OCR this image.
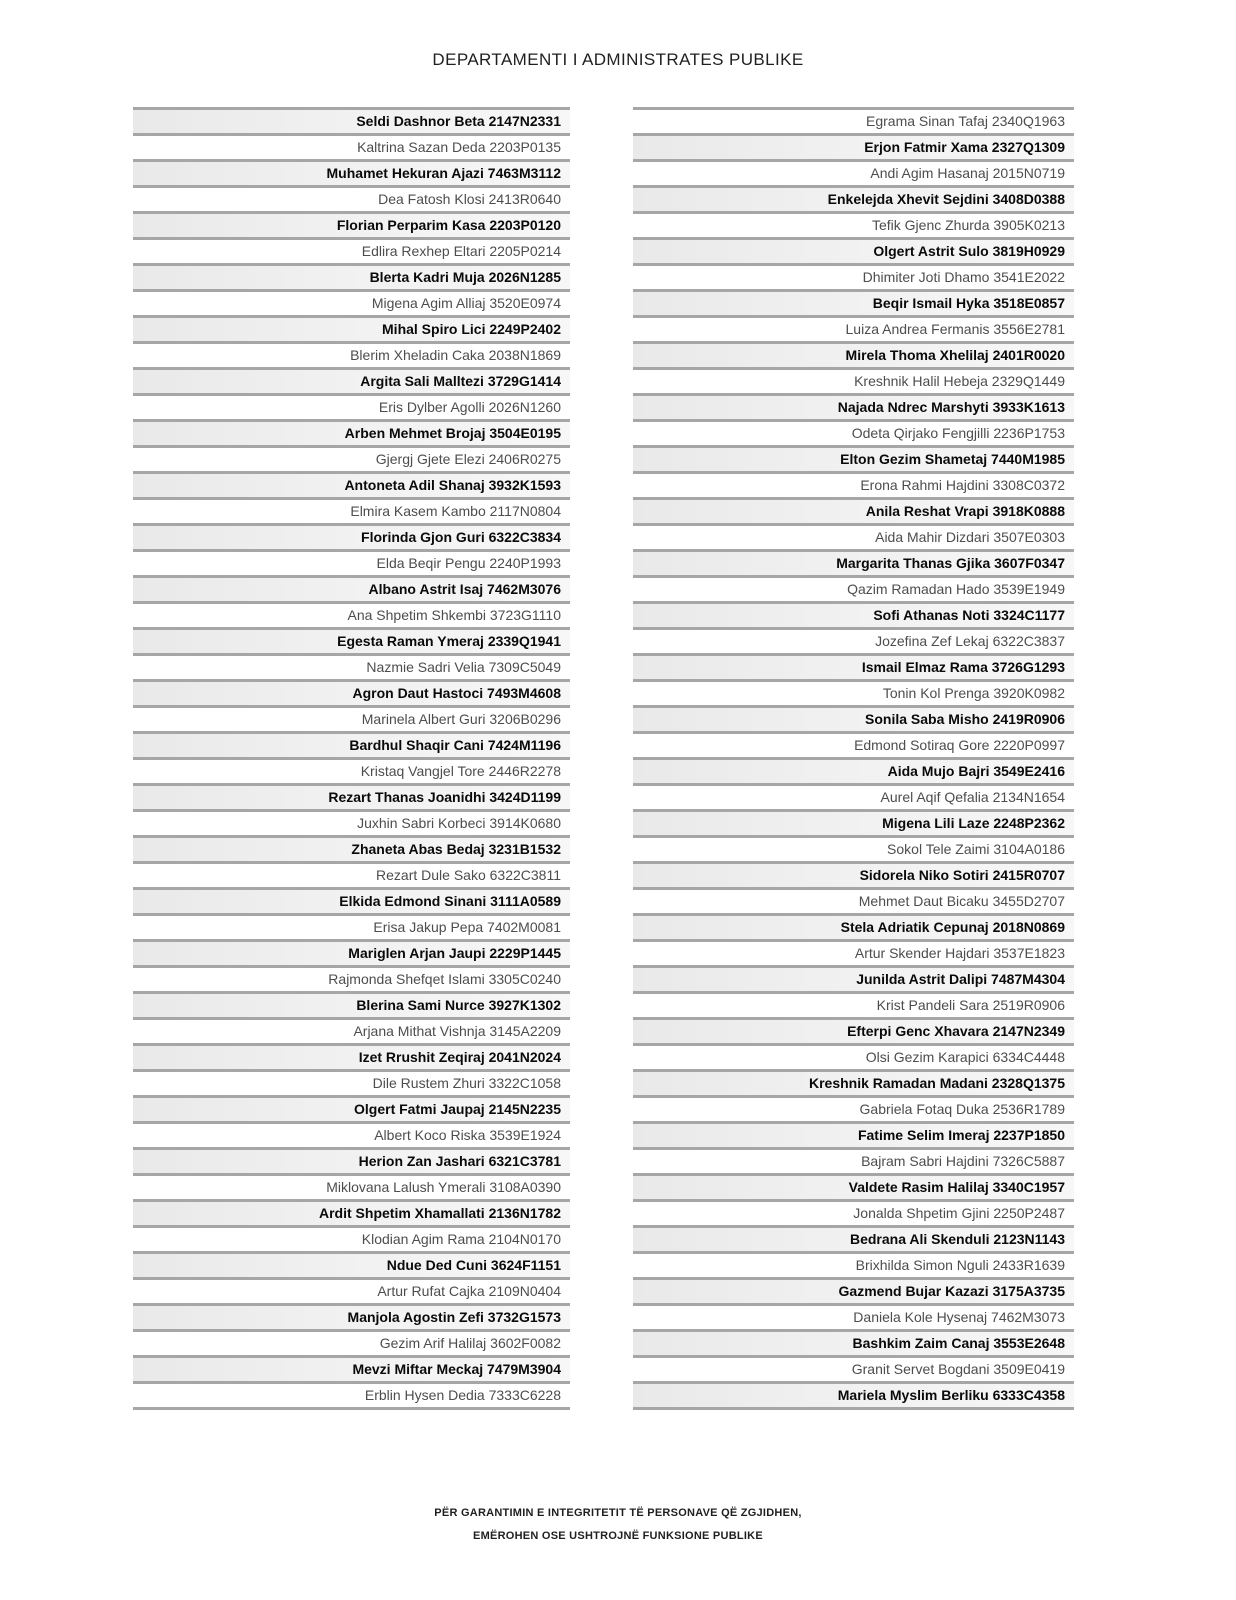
DEPARTAMENTI I ADMINISTRATES PUBLIKE
Seldi Dashnor Beta 2147N2331
Kaltrina Sazan Deda 2203P0135
Muhamet Hekuran Ajazi 7463M3112
Dea Fatosh Klosi 2413R0640
Florian Perparim Kasa 2203P0120
Edlira Rexhep Eltari 2205P0214
Blerta Kadri Muja 2026N1285
Migena Agim Alliaj 3520E0974
Mihal Spiro Lici 2249P2402
Blerim Xheladin Caka 2038N1869
Argita Sali Malltezi 3729G1414
Eris Dylber Agolli 2026N1260
Arben Mehmet Brojaj 3504E0195
Gjergj Gjete Elezi 2406R0275
Antoneta Adil Shanaj 3932K1593
Elmira Kasem Kambo 2117N0804
Florinda Gjon Guri 6322C3834
Elda Beqir Pengu 2240P1993
Albano Astrit Isaj 7462M3076
Ana Shpetim Shkembi 3723G1110
Egesta Raman Ymeraj 2339Q1941
Nazmie Sadri Velia 7309C5049
Agron Daut Hastoci 7493M4608
Marinela Albert Guri 3206B0296
Bardhul Shaqir Cani 7424M1196
Kristaq Vangjel Tore 2446R2278
Rezart Thanas Joanidhi 3424D1199
Juxhin Sabri Korbeci 3914K0680
Zhaneta Abas Bedaj 3231B1532
Rezart Dule Sako 6322C3811
Elkida Edmond Sinani 3111A0589
Erisa Jakup Pepa 7402M0081
Mariglen Arjan Jaupi 2229P1445
Rajmonda Shefqet Islami 3305C0240
Blerina Sami Nurce 3927K1302
Arjana Mithat Vishnja 3145A2209
Izet Rrushit Zeqiraj 2041N2024
Dile Rustem Zhuri 3322C1058
Olgert Fatmi Jaupaj 2145N2235
Albert Koco Riska 3539E1924
Herion Zan Jashari 6321C3781
Miklovana Lalush Ymerali 3108A0390
Ardit Shpetim Xhamallati 2136N1782
Klodian Agim Rama 2104N0170
Ndue Ded Cuni 3624F1151
Artur Rufat Cajka 2109N0404
Manjola Agostin Zefi 3732G1573
Gezim Arif Halilaj 3602F0082
Mevzi Miftar Meckaj 7479M3904
Erblin Hysen Dedia 7333C6228
Egrama Sinan Tafaj 2340Q1963
Erjon Fatmir Xama 2327Q1309
Andi Agim Hasanaj 2015N0719
Enkelejda Xhevit Sejdini 3408D0388
Tefik Gjenc Zhurda 3905K0213
Olgert Astrit Sulo 3819H0929
Dhimiter Joti Dhamo 3541E2022
Beqir Ismail Hyka 3518E0857
Luiza Andrea Fermanis 3556E2781
Mirela Thoma Xhelilaj 2401R0020
Kreshnik Halil Hebeja 2329Q1449
Najada Ndrec Marshyti 3933K1613
Odeta Qirjako Fengjilli 2236P1753
Elton Gezim Shametaj 7440M1985
Erona Rahmi Hajdini 3308C0372
Anila Reshat Vrapi 3918K0888
Aida Mahir Dizdari 3507E0303
Margarita Thanas Gjika 3607F0347
Qazim Ramadan Hado 3539E1949
Sofi Athanas Noti 3324C1177
Jozefina Zef Lekaj 6322C3837
Ismail Elmaz Rama 3726G1293
Tonin Kol Prenga 3920K0982
Sonila Saba Misho 2419R0906
Edmond Sotiraq Gore 2220P0997
Aida Mujo Bajri 3549E2416
Aurel Aqif Qefalia 2134N1654
Migena Lili Laze 2248P2362
Sokol Tele Zaimi 3104A0186
Sidorela Niko Sotiri 2415R0707
Mehmet Daut Bicaku 3455D2707
Stela Adriatik Cepunaj 2018N0869
Artur Skender Hajdari 3537E1823
Junilda Astrit Dalipi 7487M4304
Krist Pandeli Sara 2519R0906
Efterpi Genc Xhavara 2147N2349
Olsi Gezim Karapici 6334C4448
Kreshnik Ramadan Madani 2328Q1375
Gabriela Fotaq Duka 2536R1789
Fatime Selim Imeraj 2237P1850
Bajram Sabri Hajdini 7326C5887
Valdete Rasim Halilaj 3340C1957
Jonalda Shpetim Gjini 2250P2487
Bedrana Ali Skenduli 2123N1143
Brixhilda Simon Nguli 2433R1639
Gazmend Bujar Kazazi 3175A3735
Daniela Kole Hysenaj 7462M3073
Bashkim Zaim Canaj 3553E2648
Granit Servet Bogdani 3509E0419
Mariela Myslim Berliku 6333C4358
PËR GARANTIMIN E INTEGRITETIT TË PERSONAVE QË ZGJIDHEN,
EMËROHEN OSE USHTROJNË FUNKSIONE PUBLIKE
